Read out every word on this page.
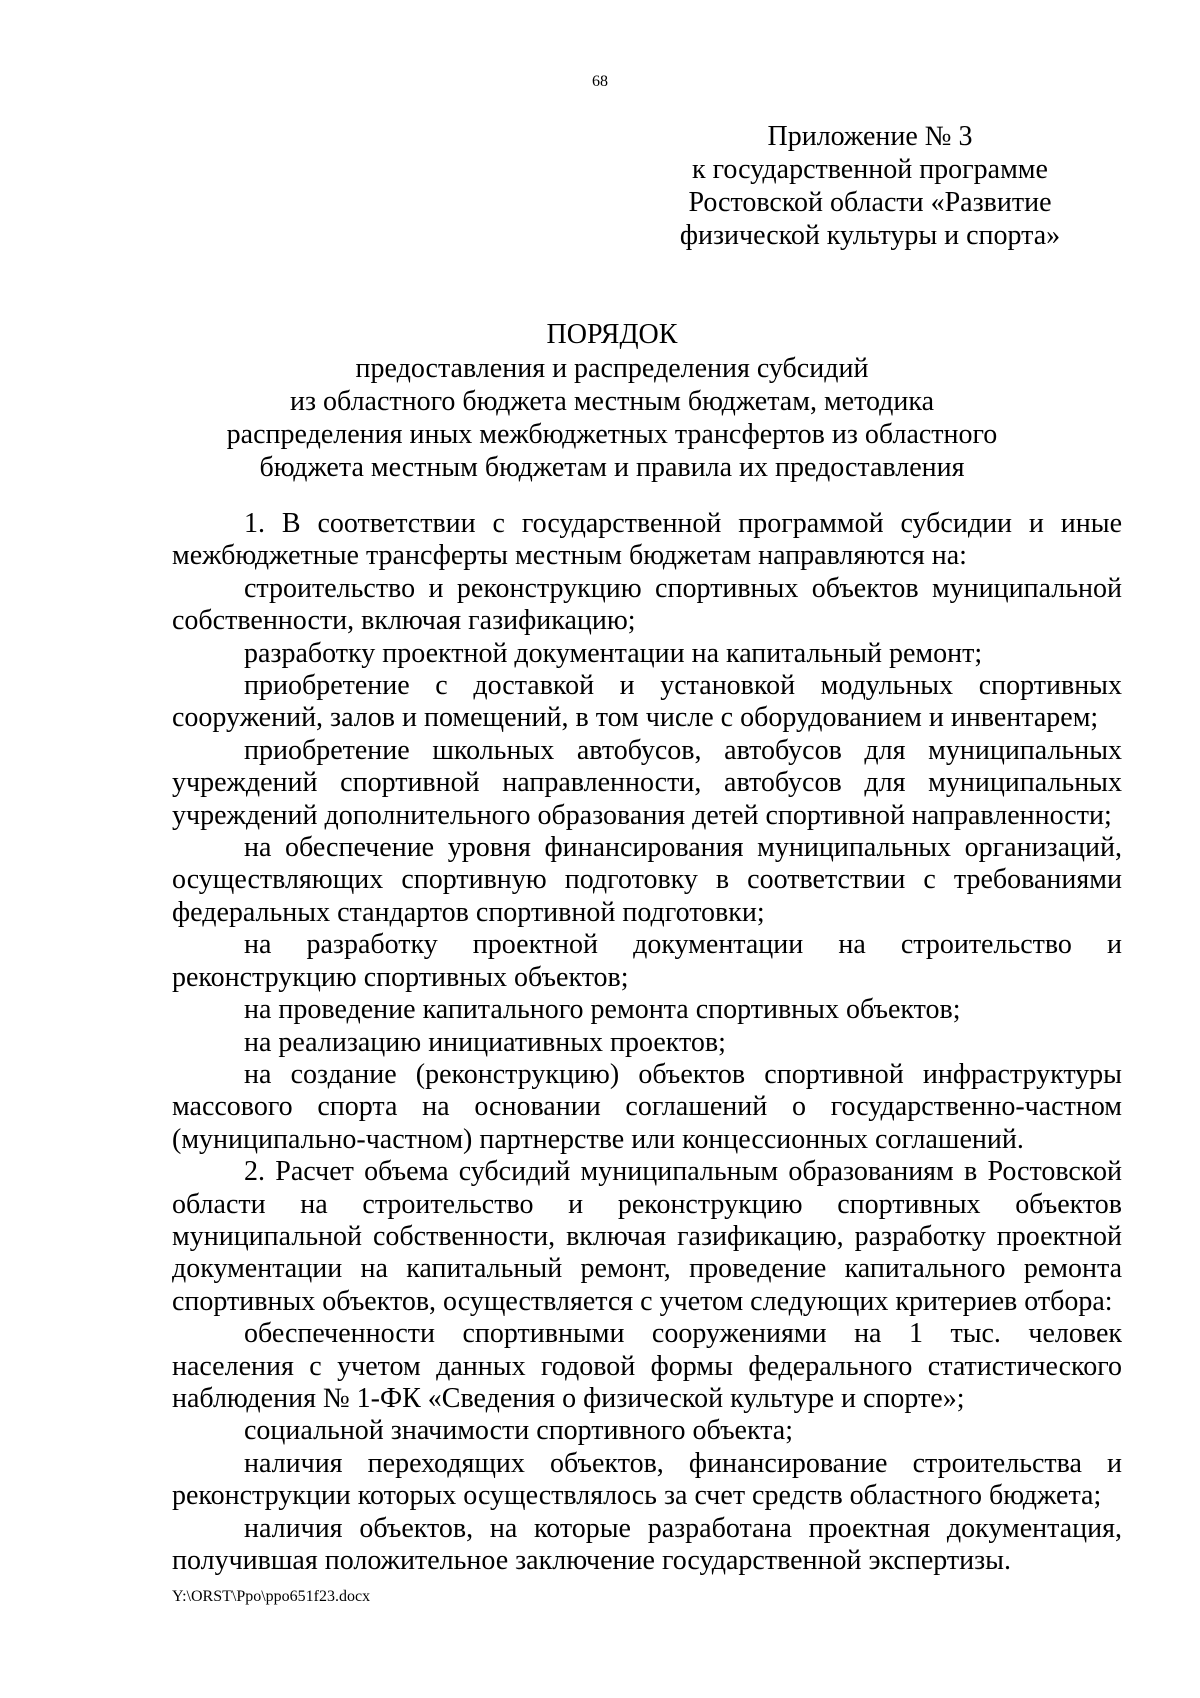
68
Приложение № 3
к государственной программе
Ростовской области «Развитие
физической культуры и спорта»
ПОРЯДОК
предоставления и распределения субсидий
из областного бюджета местным бюджетам, методика
распределения иных межбюджетных трансфертов из областного
бюджета местным бюджетам и правила их предоставления

1. В соответствии с государственной программой субсидии и иные межбюджетные трансферты местным бюджетам направляются на:

строительство и реконструкцию спортивных объектов муниципальной собственности, включая газификацию;

разработку проектной документации на капитальный ремонт;

приобретение с доставкой и установкой модульных спортивных сооружений, залов и помещений, в том числе с оборудованием и инвентарем;

приобретение школьных автобусов, автобусов для муниципальных учреждений спортивной направленности, автобусов для муниципальных учреждений дополнительного образования детей спортивной направленности;

на обеспечение уровня финансирования муниципальных организаций, осуществляющих спортивную подготовку в соответствии с требованиями федеральных стандартов спортивной подготовки;

на разработку проектной документации на строительство и реконструкцию спортивных объектов;

на проведение капитального ремонта спортивных объектов;

на реализацию инициативных проектов;

на создание (реконструкцию) объектов спортивной инфраструктуры массового спорта на основании соглашений о государственно-частном (муниципально-частном) партнерстве или концессионных соглашений.

2. Расчет объема субсидий муниципальным образованиям в Ростовской области на строительство и реконструкцию спортивных объектов муниципальной собственности, включая газификацию, разработку проектной документации на капитальный ремонт, проведение капитального ремонта спортивных объектов, осуществляется с учетом следующих критериев отбора:

обеспеченности спортивными сооружениями на 1 тыс. человек населения с учетом данных годовой формы федерального статистического наблюдения № 1-ФК «Сведения о физической культуре и спорте»;

социальной значимости спортивного объекта;

наличия переходящих объектов, финансирование строительства и реконструкции которых осуществлялось за счет средств областного бюджета;

наличия объектов, на которые разработана проектная документация, получившая положительное заключение государственной экспертизы.

Y:\ORST\Ppo\ppo651f23.docx
